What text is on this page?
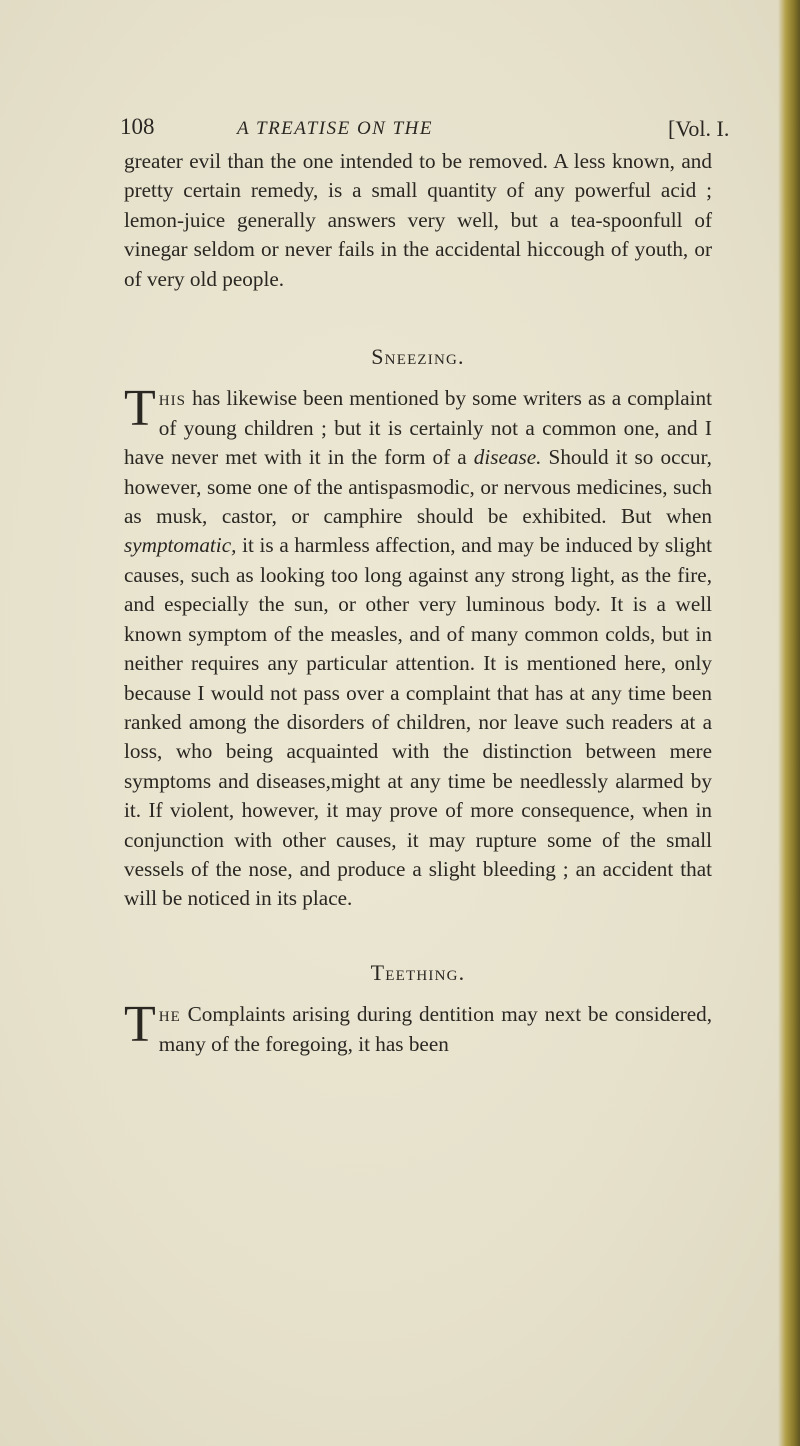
108	A TREATISE ON THE	[Vol. I.

greater evil than the one intended to be removed. A less known, and pretty certain remedy, is a small quantity of any powerful acid ; lemon-juice generally answers very well, but a tea-spoonfull of vinegar seldom or never fails in the accidental hiccough of youth, or of very old people.

Sneezing.

This has likewise been mentioned by some writers as a complaint of young children ; but it is certainly not a common one, and I have never met with it in the form of a disease. Should it so occur, however, some one of the antispasmodic, or nervous medicines, such as musk, castor, or camphire should be exhibited. But when symptomatic, it is a harmless affection, and may be induced by slight causes, such as looking too long against any strong light, as the fire, and especially the sun, or other very luminous body. It is a well known symptom of the measles, and of many common colds, but in neither requires any particular attention. It is mentioned here, only because I would not pass over a complaint that has at any time been ranked among the disorders of children, nor leave such readers at a loss, who being acquainted with the distinction between mere symptoms and diseases,might at any time be needlessly alarmed by it. If violent, however, it may prove of more consequence, when in conjunction with other causes, it may rupture some of the small vessels of the nose, and produce a slight bleeding ; an accident that will be noticed in its place.

Teething.

The Complaints arising during dentition may next be considered, many of the foregoing, it has been
